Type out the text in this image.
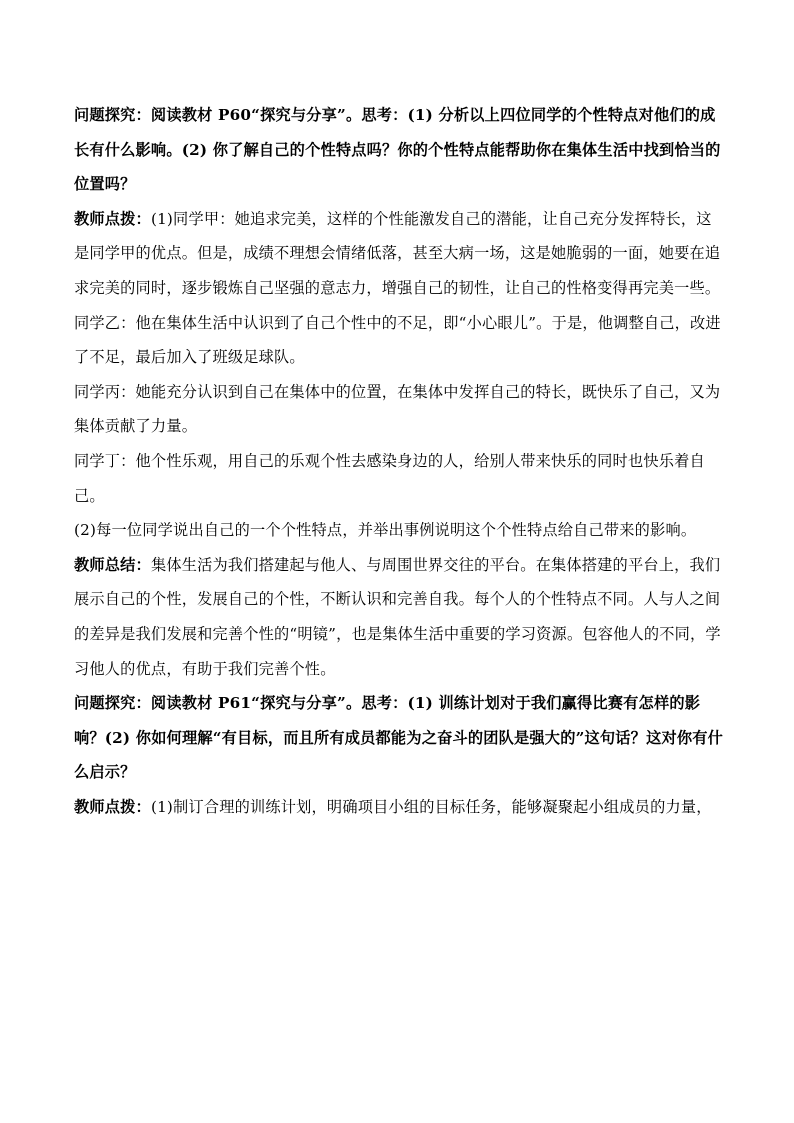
问题探究：阅读教材 P60“探究与分享”。思考：(1) 分析以上四位同学的个性特点对他们的成长有什么影响。(2) 你了解自己的个性特点吗？你的个性特点能帮助你在集体生活中找到恰当的位置吗？

教师点拨：(1)同学甲：她追求完美，这样的个性能激发自己的潜能，让自己充分发挥特长，这是同学甲的优点。但是，成绩不理想会情绪低落，甚至大病一场，这是她脆弱的一面，她要在追求完美的同时，逐步锻炼自己坚强的意志力，增强自己的韧性，让自己的性格变得再完美一些。

同学乙：他在集体生活中认识到了自己个性中的不足，即“小心眼儿”。于是，他调整自己，改进了不足，最后加入了班级足球队。

同学丙：她能充分认识到自己在集体中的位置，在集体中发挥自己的特长，既快乐了自己，又为集体贡献了力量。

同学丁：他个性乐观，用自己的乐观个性去感染身边的人，给别人带来快乐的同时也快乐着自己。

(2)每一位同学说出自己的一个个性特点，并举出事例说明这个个性特点给自己带来的影响。

教师总结：集体生活为我们搭建起与他人、与周围世界交往的平台。在集体搭建的平台上，我们展示自己的个性，发展自己的个性，不断认识和完善自我。每个人的个性特点不同。人与人之间的差异是我们发展和完善个性的“明镜”，也是集体生活中重要的学习资源。包容他人的不同，学习他人的优点，有助于我们完善个性。

问题探究：阅读教材 P61“探究与分享”。思考：(1) 训练计划对于我们赢得比赛有怎样的影响？(2) 你如何理解“有目标，而且所有成员都能为之奋斗的团队是强大的”这句话？这对你有什么启示？

教师点拨：(1)制订合理的训练计划，明确项目小组的目标任务，能够凝聚起小组成员的力量，
